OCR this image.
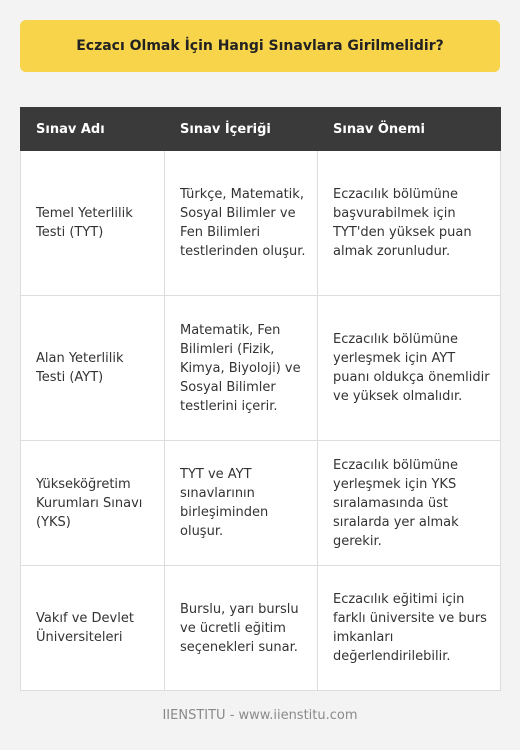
Eczacı Olmak İçin Hangi Sınavlara Girilmelidir?
Sınav Adı	Sınav İçeriği	Sınav Önemi
Temel Yeterlilik Testi (TYT)	Türkçe, Matematik, Sosyal Bilimler ve Fen Bilimleri testlerinden oluşur.	Eczacılık bölümüne başvurabilmek için TYT'den yüksek puan almak zorunludur.
Alan Yeterlilik Testi (AYT)	Matematik, Fen Bilimleri (Fizik, Kimya, Biyoloji) ve Sosyal Bilimler testlerini içerir.	Eczacılık bölümüne yerleşmek için AYT puanı oldukça önemlidir ve yüksek olmalıdır.
Yükseköğretim Kurumları Sınavı (YKS)	TYT ve AYT sınavlarının birleşiminden oluşur.	Eczacılık bölümüne yerleşmek için YKS sıralamasında üst sıralarda yer almak gerekir.
Vakıf ve Devlet Üniversiteleri	Burslu, yarı burslu ve ücretli eğitim seçenekleri sunar.	Eczacılık eğitimi için farklı üniversite ve burs imkanları değerlendirilebilir.
IIENSTITU - www.iienstitu.com
